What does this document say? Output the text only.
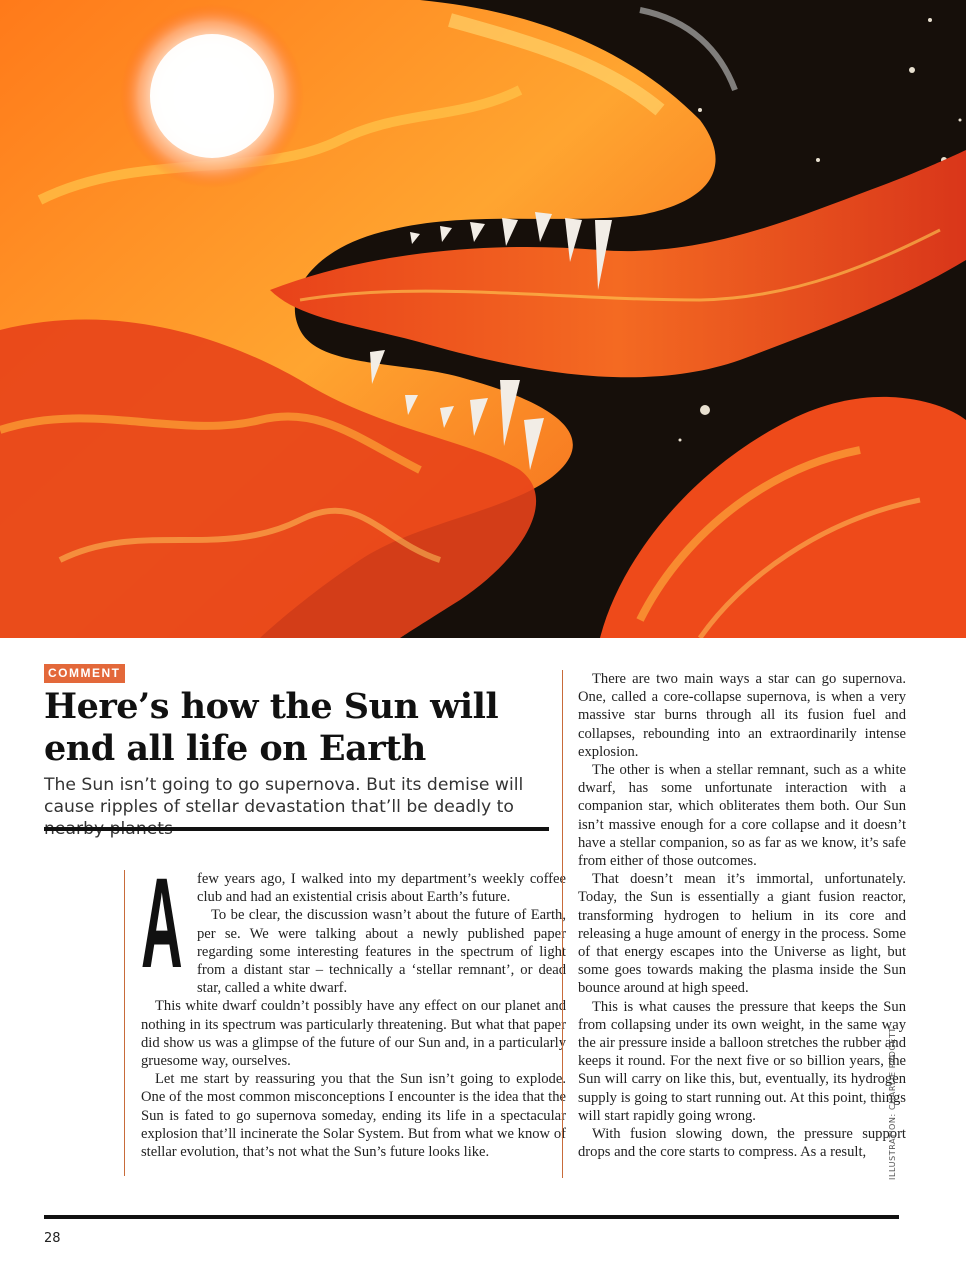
COMMENT
Here’s how the Sun will end all life on Earth

The Sun isn’t going to go supernova. But its demise will cause ripples of stellar devastation that’ll be deadly to

A few years ago, I walked into my department’s weekly coffee club and had an existential crisis about Earth’s future.

To be clear, the discussion wasn’t about the future of Earth, per se. We were talking about a newly published paper regarding some interesting features in the spectrum of light from a distant star – technically a ‘stellar remnant’, or dead star, called a white dwarf.

This white dwarf couldn’t possibly have any effect on our planet and nothing in its spectrum was particularly threatening. But what that paper did show us was a glimpse of the future of our Sun and, in a particularly gruesome way, ourselves.

Let me start by reassuring you that the Sun isn’t going to explode. One of the most common misconceptions I encounter is the idea that the Sun is fated to go supernova someday, ending its life in a spectacular explosion that’ll incinerate the Solar System. But from what we know of stellar evolution, that’s not what the Sun’s future looks like.

There are two main ways a star can go supernova. One, called a core-collapse supernova, is when a very massive star burns through all its fusion fuel and collapses, rebounding into an extraordinarily intense explosion.

The other is when a stellar remnant, such as a white dwarf, has some unfortunate interaction with a companion star, which obliterates them both. Our Sun isn’t massive enough for a core collapse and it doesn’t have a stellar companion, so as far as we know, it’s safe from either of those outcomes.

That doesn’t mean it’s immortal, unfortunately. Today, the Sun is essentially a giant fusion reactor, transforming hydrogen to helium in its core and releasing a huge amount of energy in the process. Some of that energy escapes into the Universe as light, but some goes towards making the plasma inside the Sun bounce around at high speed.

This is what causes the pressure that keeps the Sun from collapsing under its own weight, in the same way the air pressure inside a balloon stretches the rubber and keeps it round. For the next five or so billion years, the Sun will carry on like this, but, eventually, its hydrogen supply is going to start running out. At this point, things will start rapidly going wrong.

With fusion slowing down, the pressure support drops and the core starts to compress. As a result,	ILLUSTRATION: CHARLIE PADGETT
28
